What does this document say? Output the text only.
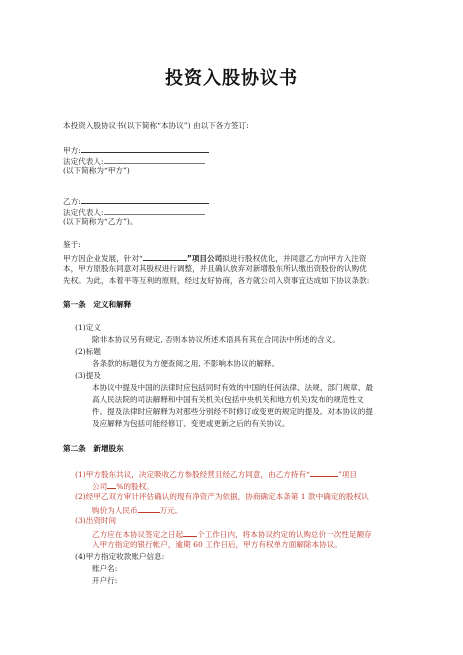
投资入股协议书
本投资入股协议书(以下简称“本协议”) 由以下各方签订:
甲方:
法定代表人:
(以下简称为“甲方”)
乙方:
法定代表人:
(以下简称为“乙方”)。
鉴于:
甲方因企业发展，针对“	”项目公司拟进行股权优化，并同意乙方向甲方入注资
本，甲方原股东同意对其股权进行调整，并且确认放弃对新增股东所认缴出资股份的认购优
先权。为此，本着平等互利的原则，经过友好协商，各方就公司入资事宜达成如下协议条款:
第一条　定义和解释
(1)定义
除非本协议另有规定, 否则本协议所述术语具有其在合同法中所述的含义。
(2)标题
各条款的标题仅为方便查阅之用, 不影响本协议的解释。
(3)提及
本协议中提及中国的法律时应包括同时有效的中国的任何法律、法规、部门规章、最
高人民法院的司法解释和中国有关机关(包括中央机关和地方机关)发布的规范性文
件。提及法律时应解释为对那些分别经不时修订或变更的规定的提及。对本协议的提
及应解释为包括可能经修订、变更或更新之后的有关协议。
第二条　新增股东
(1)甲方股东共议，决定吸收乙方参股经营且经乙方同意，由乙方持有“	”项目
公司 %的股权。
(2)经甲乙双方审计评估确认的现有净资产为依据，协商确定本条第 1 款中确定的股权认
购价为人民币	万元。
(3)出资时间
乙方应在本协议签定之日起 个工作日内，将本协议约定的认购总价一次性足额存
入甲方指定的银行帐户，逾期 60 工作日后，甲方有权单方面解除本协议。
(4)甲方指定收款账户信息:
账户名:
开户行:
